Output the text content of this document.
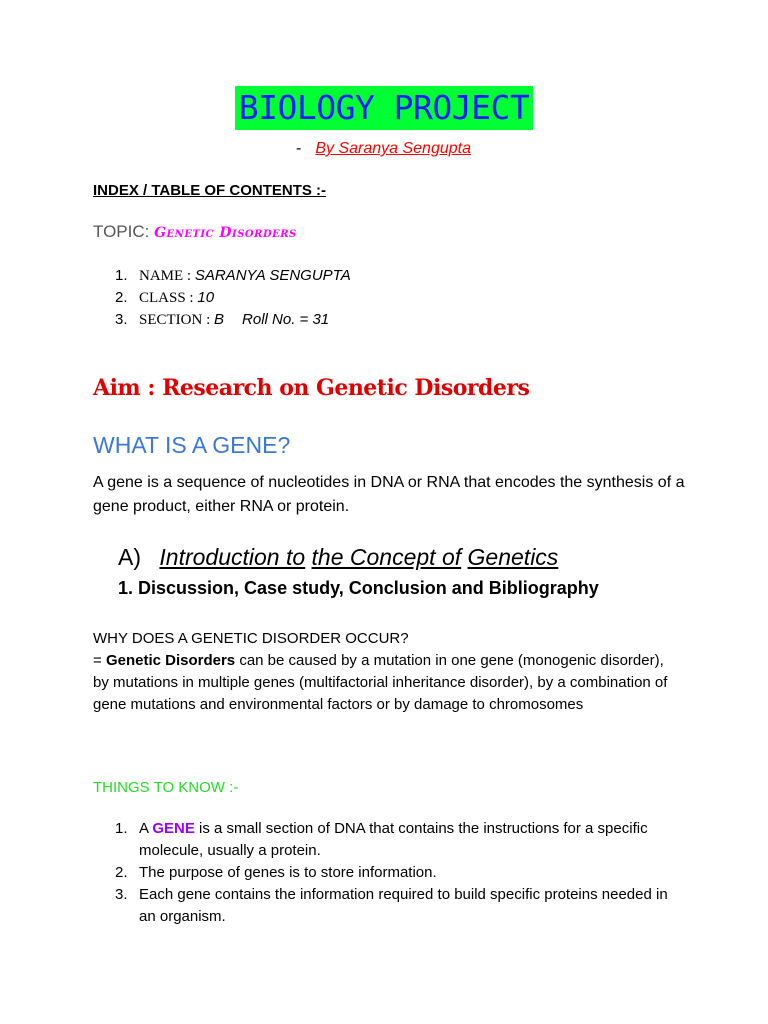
BIOLOGY PROJECT
- By Saranya Sengupta
INDEX / TABLE OF CONTENTS :-
TOPIC: Genetic Disorders
1. NAME : SARANYA SENGUPTA
2. CLASS : 10
3. SECTION : B Roll No. = 31
Aim : Research on Genetic Disorders
WHAT IS A GENE?
A gene is a sequence of nucleotides in DNA or RNA that encodes the synthesis of a gene product, either RNA or protein.
A) Introduction to the Concept of Genetics
1. Discussion, Case study, Conclusion and Bibliography
WHY DOES A GENETIC DISORDER OCCUR?
= Genetic Disorders can be caused by a mutation in one gene (monogenic disorder), by mutations in multiple genes (multifactorial inheritance disorder), by a combination of gene mutations and environmental factors or by damage to chromosomes
THINGS TO KNOW :-
1. A GENE is a small section of DNA that contains the instructions for a specific molecule, usually a protein.
2. The purpose of genes is to store information.
3. Each gene contains the information required to build specific proteins needed in an organism.
